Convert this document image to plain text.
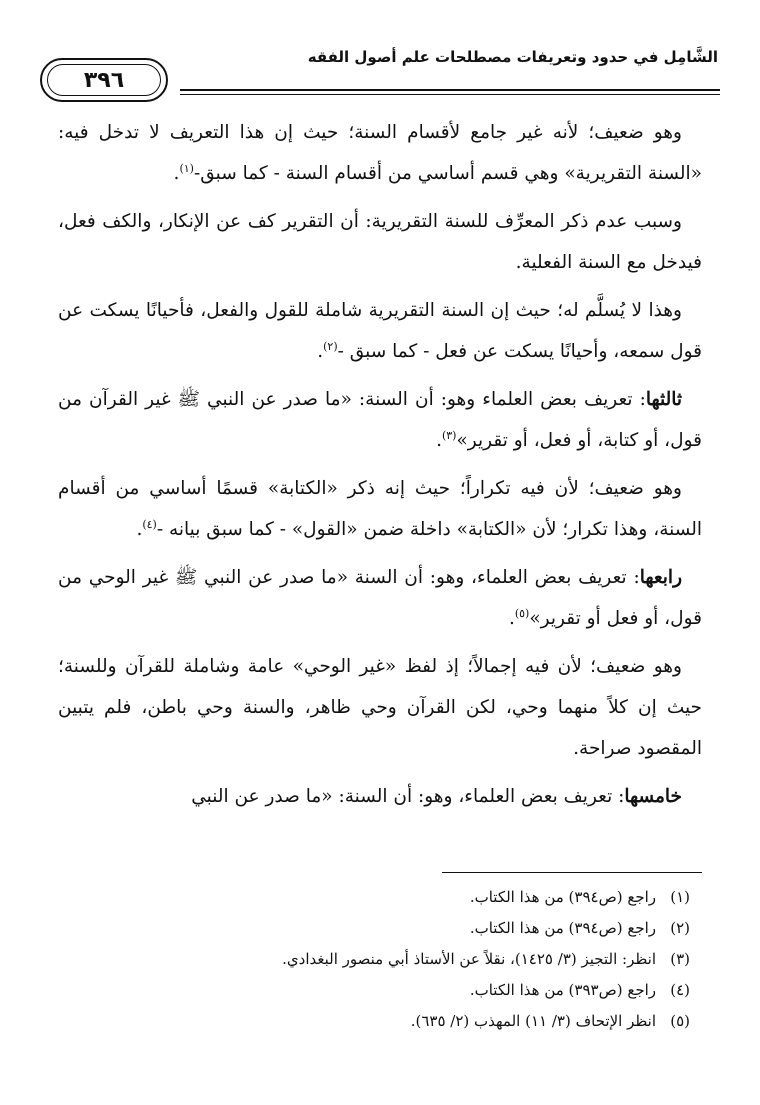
الشَّامِل في حدود وتعريفات مصطلحات علم أصول الفقه
٣٩٦

وهو ضعيف؛ لأنه غير جامع لأقسام السنة؛ حيث إن هذا التعريف لا تدخل فيه: «السنة التقريرية» وهي قسم أساسي من أقسام السنة - كما سبق-$^{(١)}$.

وسبب عدم ذكر المعرِّف للسنة التقريرية: أن التقرير كف عن الإنكار، والكف فعل، فيدخل مع السنة الفعلية.

وهذا لا يُسلَّم له؛ حيث إن السنة التقريرية شاملة للقول والفعل، فأحيانًا يسكت عن قول سمعه، وأحيانًا يسكت عن فعل - كما سبق -$^{(٢)}$.

ثالثها: تعريف بعض العلماء وهو: أن السنة: «ما صدر عن النبي ﷺ غير القرآن من قول، أو كتابة، أو فعل، أو تقرير»$^{(٣)}$.

وهو ضعيف؛ لأن فيه تكراراً؛ حيث إنه ذكر «الكتابة» قسمًا أساسي من أقسام السنة، وهذا تكرار؛ لأن «الكتابة» داخلة ضمن «القول» - كما سبق بيانه -$^{(٤)}$.

رابعها: تعريف بعض العلماء، وهو: أن السنة «ما صدر عن النبي ﷺ غير الوحي من قول، أو فعل أو تقرير»$^{(٥)}$.

وهو ضعيف؛ لأن فيه إجمالاً؛ إذ لفظ «غير الوحي» عامة وشاملة للقرآن وللسنة؛ حيث إن كلاً منهما وحي، لكن القرآن وحي ظاهر، والسنة وحي باطن، فلم يتبين المقصود صراحة.

خامسها: تعريف بعض العلماء، وهو: أن السنة: «ما صدر عن النبي

(١)
راجع (ص٣٩٤) من هذا الكتاب.
(٢)
راجع (ص٣٩٤) من هذا الكتاب.
(٣)
انظر: التجيز (٣/ ١٤٢٥)، نقلاً عن الأستاذ أبي منصور البغدادي.
(٤)
راجع (ص٣٩٣) من هذا الكتاب.
(٥)
انظر الإتحاف (٣/ ١١) المهذب (٢/ ٦٣٥).
